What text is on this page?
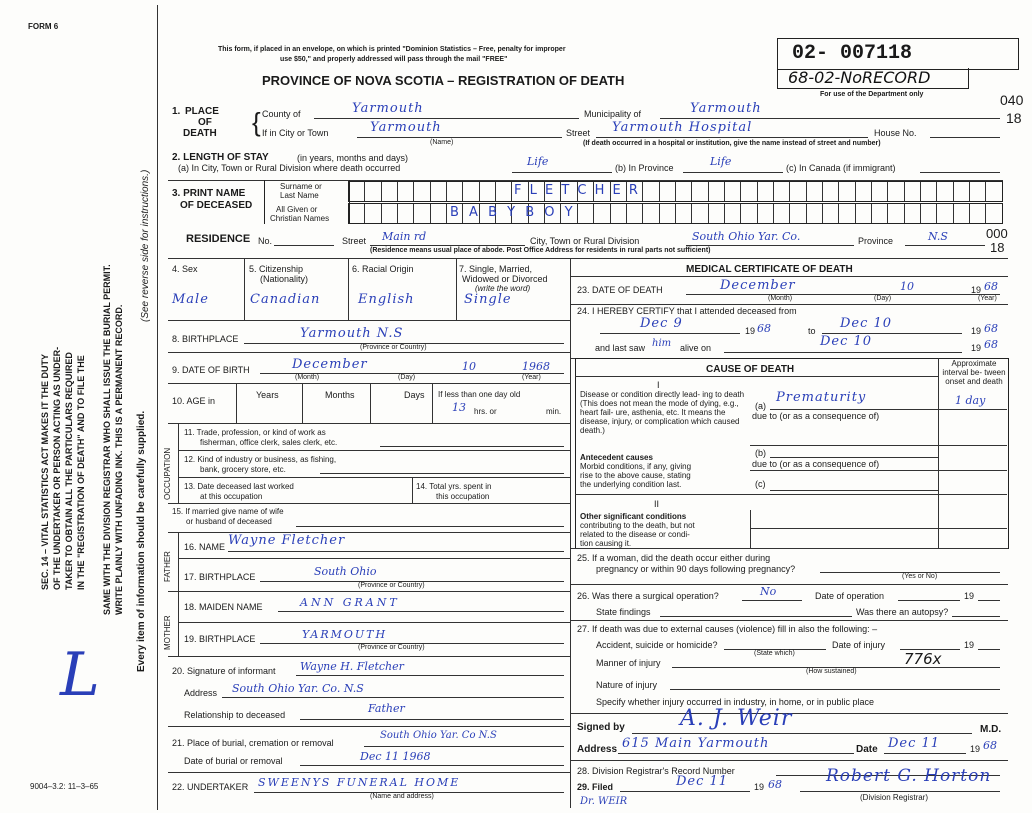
FORM 6
This form, if placed in an envelope, on which is printed "Dominion Statistics – Free, penalty for improper
use $50," and properly addressed will pass through the mail "FREE"
PROVINCE OF NOVA SCOTIA – REGISTRATION OF DEATH
02- 007118
68-02-NoRECORD
For use of the Department only	040
18
SEC. 14 – VITAL STATISTICS ACT MAKES IT THE DUTY OF THE UNDERTAKER OR PERSON ACTING AS UNDER- TAKER TO OBTAIN ALL THE PARTICULARS REQUIRED IN THE "REGISTRATION OF DEATH" AND TO FILE THE SAME WITH THE DIVISION REGISTRAR WHO SHALL ISSUE THE BURIAL PERMIT. WRITE PLAINLY WITH UNFADING INK. THIS IS A PERMANENT RECORD. Every item of information should be carefully supplied.
(See reverse side for instructions.)
L
9004–3.2: 11–3–65
1. PLACE
OF
DEATH { County of	Yarmouth	Municipality of	Yarmouth
If in City or Town	Yarmouth
(Name)
Street Yarmouth Hospital	House No.
(If death occurred in a hospital or institution, give the name instead of street and number)
2. LENGTH OF STAY	(in years, months and days)
(a) In City, Town or Rural Division where death occurred	Life	(b) In Province	Life	(c) In Canada (if immigrant)
3. PRINT NAME
OF DECEASED
Surname or
Last Name
All Given or
Christian Names
F L E T C H E R
B A B Y B O Y
RESIDENCE No.	Street Main rd	City, Town or Rural Division	South Ohio Yar. Co.	Province	N.S	000
18
(Residence means usual place of abode. Post Office Address for residents in rural parts not sufficient)
4. Sex	5. Citizenship
(Nationality)
6. Racial Origin	7. Single, Married,
Widowed or Divorced
(write the word)
Male	Canadian	English	Single
8. BIRTHPLACE	Yarmouth N.S
(Province or Country)
9. DATE OF BIRTH	December	10	1968
(Month)	(Day)	(Year)
10. AGE in
Years	Months	Days If less than one day old
13 hrs. or	min.
OCCUPATION
11. Trade, profession, or kind of work as
fisherman, office clerk, sales clerk, etc.
12. Kind of industry or business, as fishing,
bank, grocery store, etc.
13. Date deceased last worked
at this occupation
14. Total yrs. spent in
this occupation
15. If married give name of wife
or husband of deceased
FATHER
16. NAME Wayne Fletcher
17. BIRTHPLACE	South Ohio
(Province or Country)
MOTHER
18. MAIDEN NAME	ANN GRANT
19. BIRTHPLACE	YARMOUTH
(Province or Country)
20. Signature of informant Wayne H. Fletcher
Address South Ohio Yar. Co. N.S
Relationship to deceased	Father
21. Place of burial, cremation or removal
South Ohio Yar. Co N.S
Date of burial or removal	Dec 11 1968
22. UNDERTAKER SWEENYS FUNERAL HOME
(Name and address)
MEDICAL CERTIFICATE OF DEATH
23. DATE OF DEATH	December	10	19 68
(Month)	(Day)	(Year)
24. I HEREBY CERTIFY that I attended deceased from
Dec 9	19 68	to Dec 10	19 68
and last saw him alive on	Dec 10	19 68
CAUSE OF DEATH
Approximate interval be- tween onset and death
I
Disease or condition directly lead- ing to death (This does not mean the mode of dying, e.g., heart fail- ure, asthenia, etc. It means the disease, injury, or complication which caused death.)
(a)
Prematurity	1 day
due to (or as a consequence of)
Antecedent causes
Morbid conditions, if any, giving
rise to the above cause, stating
the underlying condition last.
(b)
due to (or as a consequence of)
(c)
II
Other significant conditions
contributing to the death, but not
related to the disease or condi-
tion causing it.
25. If a woman, did the death occur either during
pregnancy or within 90 days following pregnancy?
(Yes or No)
26. Was there a surgical operation?	No	Date of operation	19
State findings	Was there an autopsy?
27. If death was due to external causes (violence) fill in also the following: –
Accident, suicide or homicide?
(State which)
Date of injury	19
776x
Manner of injury
(How sustained)
Nature of injury
Specify whether injury occurred in industry, in home, or in public place
Signed by	A. J. Weir	M.D.
Address 615 Main Yarmouth	Date Dec 11	19 68
28. Division Registrar's Record Number
29. Filed	Dec 11	19 68	Robert G. Horton
(Division Registrar)
Dr. WEIR
